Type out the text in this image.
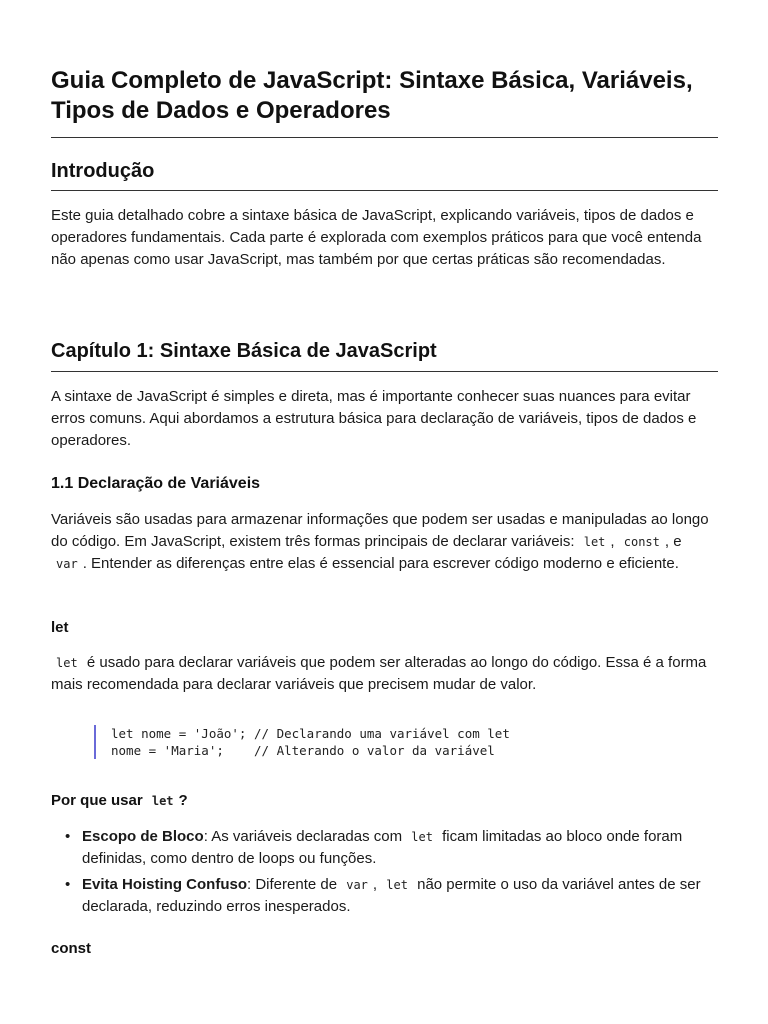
Guia Completo de JavaScript: Sintaxe Básica, Variáveis, Tipos de Dados e Operadores
Introdução

Este guia detalhado cobre a sintaxe básica de JavaScript, explicando variáveis, tipos de dados e operadores fundamentais. Cada parte é explorada com exemplos práticos para que você entenda não apenas como usar JavaScript, mas também por que certas práticas são recomendadas.

Capítulo 1: Sintaxe Básica de JavaScript

A sintaxe de JavaScript é simples e direta, mas é importante conhecer suas nuances para evitar erros comuns. Aqui abordamos a estrutura básica para declaração de variáveis, tipos de dados e operadores.

1.1 Declaração de Variáveis

Variáveis são usadas para armazenar informações que podem ser usadas e manipuladas ao longo do código. Em JavaScript, existem três formas principais de declarar variáveis: let , const , e var . Entender as diferenças entre elas é essencial para escrever código moderno e eficiente.

let

let é usado para declarar variáveis que podem ser alteradas ao longo do código. Essa é a forma mais recomendada para declarar variáveis que precisem mudar de valor.

let nome = 'João'; // Declarando uma variável com let
nome = 'Maria';    // Alterando o valor da variável
Por que usar let ?
• Escopo de Bloco: As variáveis declaradas com let ficam limitadas ao bloco onde foram definidas, como dentro de loops ou funções.
• Evita Hoisting Confuso: Diferente de var , let não permite o uso da variável antes de ser declarada, reduzindo erros inesperados.
const
